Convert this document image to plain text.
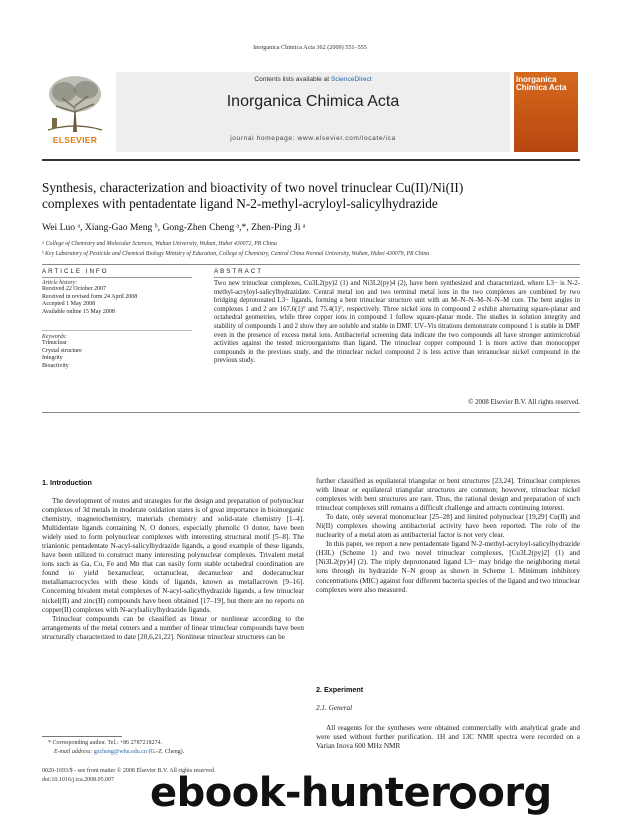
Inorganica Chimica Acta 362 (2009) 551–555
ELSEVIER
Contents lists available at ScienceDirect
Inorganica Chimica Acta
journal homepage: www.elsevier.com/locate/ica
Inorganica Chimica Acta
Synthesis, characterization and bioactivity of two novel trinuclear Cu(II)/Ni(II)
complexes with pentadentate ligand N-2-methyl-acryloyl-salicylhydrazide
Wei Luo ᵃ, Xiang-Gao Meng ᵇ, Gong-Zhen Cheng ᵃ,*, Zhen-Ping Ji ᵃ
ᵃ College of Chemistry and Molecular Sciences, Wuhan University, Wuhan, Hubei 430072, PR China
ᵇ Key Laboratory of Pesticide and Chemical Biology Ministry of Education, College of Chemistry, Central China Normal University, Wuhan, Hubei 430079, PR China
ARTICLE INFO
Article history:
Received 22 October 2007
Received in revised form 24 April 2008
Accepted 1 May 2008
Available online 15 May 2008
Keywords:
Trinuclear
Crystal structure
Integrity
Bioactivity
ABSTRACT
Two new trinuclear complexes, Cu3L2(py)2 (1) and Ni3L2(py)4 (2), have been synthesized and characterized, where L3− is N-2-methyl-acryloyl-salicylhydrazidate. Central metal ion and two terminal metal ions in the two complexes are combined by two bridging deprotonated L3− ligands, forming a bent trinuclear structure unit with an M–N–N–M–N–N–M core. The bent angles in complexes 1 and 2 are 167.6(1)° and 75.4(1)°, respectively. Three nickel ions in compound 2 exhibit alternating square-planar and octahedral geometries, while three copper ions in compound 1 follow square-planar mode. The studies in solution integrity and stability of compounds 1 and 2 show they are soluble and stable in DMF. UV–Vis titrations demonstrate compound 1 is stable in DMF even in the presence of excess metal ions. Antibacterial screening data indicate the two compounds all have stronger antimicrobial activities against the tested microorganisms than ligand. The trinuclear copper compound 1 is more active than monocopper compounds in the previous study, and the trinuclear nickel compound 2 is less active than tetranuclear nickel compound in the previous study.
© 2008 Elsevier B.V. All rights reserved.
1. Introduction

The development of routes and strategies for the design and preparation of polynuclear complexes of 3d metals in moderate oxidation states is of great importance in bioinorganic chemistry, magnetochemistry, materials chemistry and solid-state chemistry [1–4]. Multidentate ligands containing N, O donors, especially phenolic O donor, have been widely used to form polynuclear complexes with interesting structural motif [5–8]. The trianionic pentadentate N-acyl-salicylhydrazide ligands, a good example of these ligands, have been utilized to construct many interesting polynuclear complexes. Trivalent metal ions such as Ga, Co, Fe and Mn that can easily form stable octahedral coordination are found to yield hexanuclear, octanuclear, decanuclear and dodecanuclear metallamacrocycles with these kinds of ligands, known as metallacrown [9–16]. Concerning bivalent metal complexes of N-acyl-salicylhydrazide ligands, a few trinuclear nickel(II) and zinc(II) compounds have been obtained [17–19], but there are no reports on copper(II) complexes with N-acylsalicylhydrazide ligands.

Trinuclear compounds can be classified as linear or nonlinear according to the arrangements of the metal centers and a number of linear trinuclear compounds have been structurally characterized to date [20,6,21,22]. Nonlinear trinuclear structures can be

further classified as equilateral triangular or bent structures [23,24]. Trinuclear complexes with linear or equilateral triangular structures are common; however, trinuclear nickel complexes with bent structures are rare. Thus, the rational design and preparation of such trinuclear complexes still remains a difficult challenge and attracts continuing interest.

To date, only several mononuclear [25–28] and limited polynuclear [19,29] Cu(II) and Ni(II) complexes showing antibacterial activity have been reported. The role of the nuclearity of a metal atom as antibacterial factor is not very clear.

In this paper, we report a new pentadentate ligand N-2-methyl-acryloyl-salicylhydrazide (H3L) (Scheme 1) and two novel trinuclear complexes, [Cu3L2(py)2] (1) and [Ni3L2(py)4] (2). The triply deprotonated ligand L3− may bridge the neighboring metal ions through its hydrazide N–N group as shown in Scheme 1. Minimum inhibitory concentrations (MIC) against four different bacteria species of the ligand and two trinuclear complexes were also measured.

2. Experiment
2.1. General

All reagents for the syntheses were obtained commercially with analytical grade and were used without further purification. 1H and 13C NMR spectra were recorded on a Varian Inova 600 MHz NMR

* Corresponding author. Tel.: +86 2787218274.
E-mail address: gzcheng@whu.edu.cn (G.-Z. Cheng).
0020-1693/$ - see front matter © 2008 Elsevier B.V. All rights reserved.
doi:10.1016/j.ica.2008.05.007 ebook-hunter org
